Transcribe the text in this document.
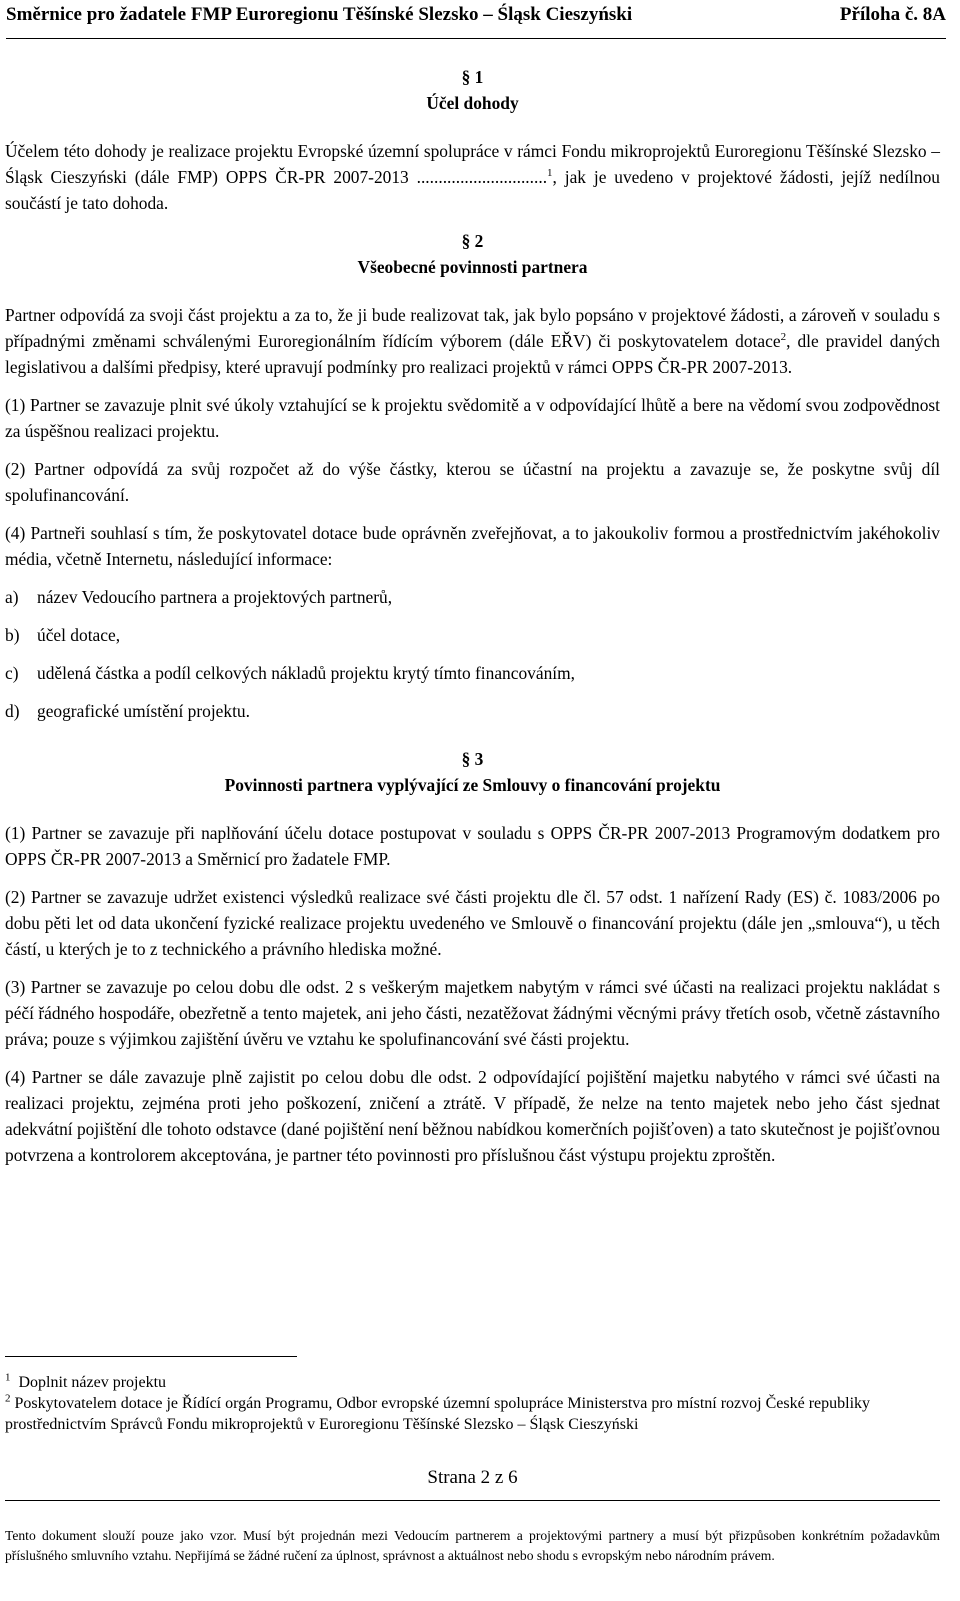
Směrnice pro žadatele FMP Euroregionu Těšínské Slezsko – Śląsk Cieszyński	Příloha č. 8A

§ 1

Účel dohody

Účelem této dohody je realizace projektu Evropské územní spolupráce v rámci Fondu mikroprojektů Euroregionu Těšínské Slezsko – Śląsk Cieszyński (dále FMP) OPPS ČR-PR 2007-2013 ..............................$^1$, jak je uvedeno v projektové žádosti, jejíž nedílnou součástí je tato dohoda.

§ 2

Všeobecné povinnosti partnera

Partner odpovídá za svoji část projektu a za to, že ji bude realizovat tak, jak bylo popsáno v projektové žádosti, a zároveň v souladu s případnými změnami schválenými Euroregionálním řídícím výborem (dále EŘV) či poskytovatelem dotace$^2$, dle pravidel daných legislativou a dalšími předpisy, které upravují podmínky pro realizaci projektů v rámci OPPS ČR-PR 2007-2013.

(1) Partner se zavazuje plnit své úkoly vztahující se k projektu svědomitě a v odpovídající lhůtě a bere na vědomí svou zodpovědnost za úspěšnou realizaci projektu.

(2) Partner odpovídá za svůj rozpočet až do výše částky, kterou se účastní na projektu a zavazuje se, že poskytne svůj díl spolufinancování.

(4) Partneři souhlasí s tím, že poskytovatel dotace bude oprávněn zveřejňovat, a to jakoukoliv formou a prostřednictvím jakéhokoliv média, včetně Internetu, následující informace:

a) název Vedoucího partnera a projektových partnerů,

b) účel dotace,

c) udělená částka a podíl celkových nákladů projektu krytý tímto financováním,

d) geografické umístění projektu.

§ 3

Povinnosti partnera vyplývající ze Smlouvy o financování projektu

(1) Partner se zavazuje při naplňování účelu dotace postupovat v souladu s OPPS ČR-PR 2007-2013 Programovým dodatkem pro OPPS ČR-PR 2007-2013 a Směrnicí pro žadatele FMP.

(2) Partner se zavazuje udržet existenci výsledků realizace své části projektu dle čl. 57 odst. 1 nařízení Rady (ES) č. 1083/2006 po dobu pěti let od data ukončení fyzické realizace projektu uvedeného ve Smlouvě o financování projektu (dále jen „smlouva“), u těch částí, u kterých je to z technického a právního hlediska možné.

(3) Partner se zavazuje po celou dobu dle odst. 2 s veškerým majetkem nabytým v rámci své účasti na realizaci projektu nakládat s péčí řádného hospodáře, obezřetně a tento majetek, ani jeho části, nezatěžovat žádnými věcnými právy třetích osob, včetně zástavního práva; pouze s výjimkou zajištění úvěru ve vztahu ke spolufinancování své části projektu.

(4) Partner se dále zavazuje plně zajistit po celou dobu dle odst. 2 odpovídající pojištění majetku nabytého v rámci své účasti na realizaci projektu, zejména proti jeho poškození, zničení a ztrátě. V případě, že nelze na tento majetek nebo jeho část sjednat adekvátní pojištění dle tohoto odstavce (dané pojištění není běžnou nabídkou komerčních pojišťoven) a tato skutečnost je pojišťovnou potvrzena a kontrolorem akceptována, je partner této povinnosti pro příslušnou část výstupu projektu zproštěn.

$^1$ Doplnit název projektu

$^2$ Poskytovatelem dotace je Řídící orgán Programu, Odbor evropské územní spolupráce Ministerstva pro místní rozvoj České republiky prostřednictvím Správců Fondu mikroprojektů v Euroregionu Těšínské Slezsko – Śląsk Cieszyński

Strana 2 z 6
Tento dokument slouží pouze jako vzor. Musí být projednán mezi Vedoucím partnerem a projektovými partnery a musí být přizpůsoben konkrétním požadavkům příslušného smluvního vztahu. Nepřijímá se žádné ručení za úplnost, správnost a aktuálnost nebo shodu s evropským nebo národním právem.
